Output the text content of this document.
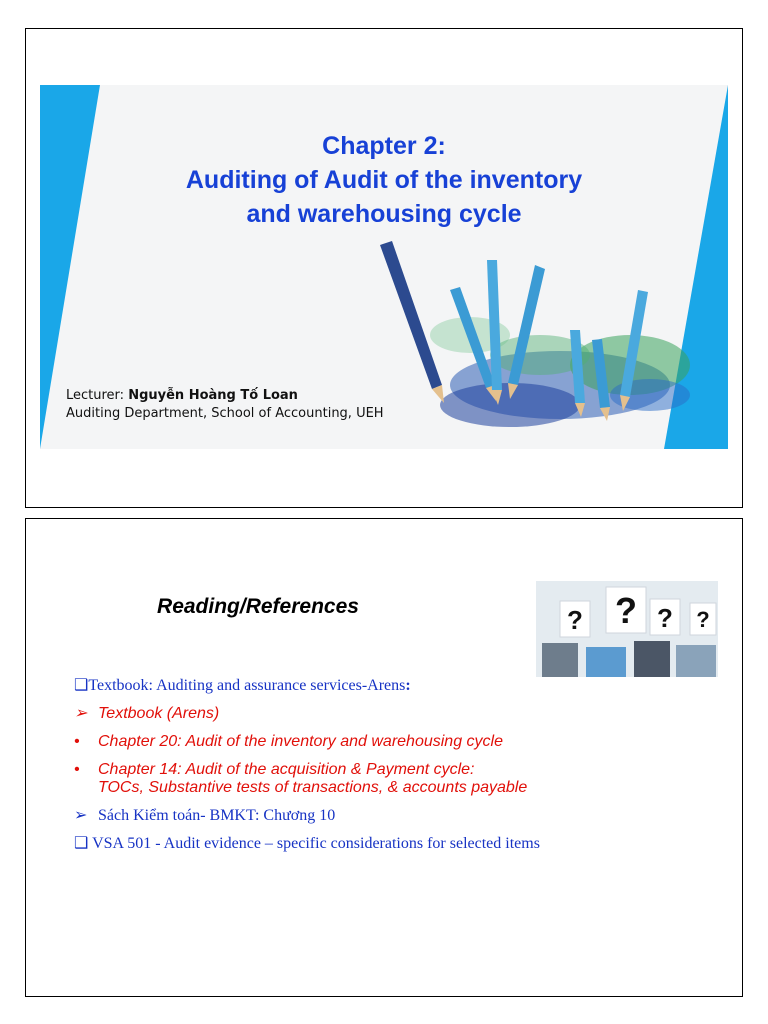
Chapter 2:
Auditing of Audit of the inventory
and warehousing cycle
Lecturer: Nguyễn Hoàng Tố Loan
Auditing Department, School of Accounting, UEH
Reading/References	? ? ? ?
❑Textbook: Auditing and assurance services-Arens:
➢ Textbook (Arens)
• Chapter 20: Audit of the inventory and warehousing cycle
• Chapter 14: Audit of the acquisition & Payment cycle:
TOCs, Substantive tests of transactions, & accounts payable
➢ Sách Kiểm toán- BMKT: Chương 10
❑ VSA 501 - Audit evidence – specific considerations for selected items
